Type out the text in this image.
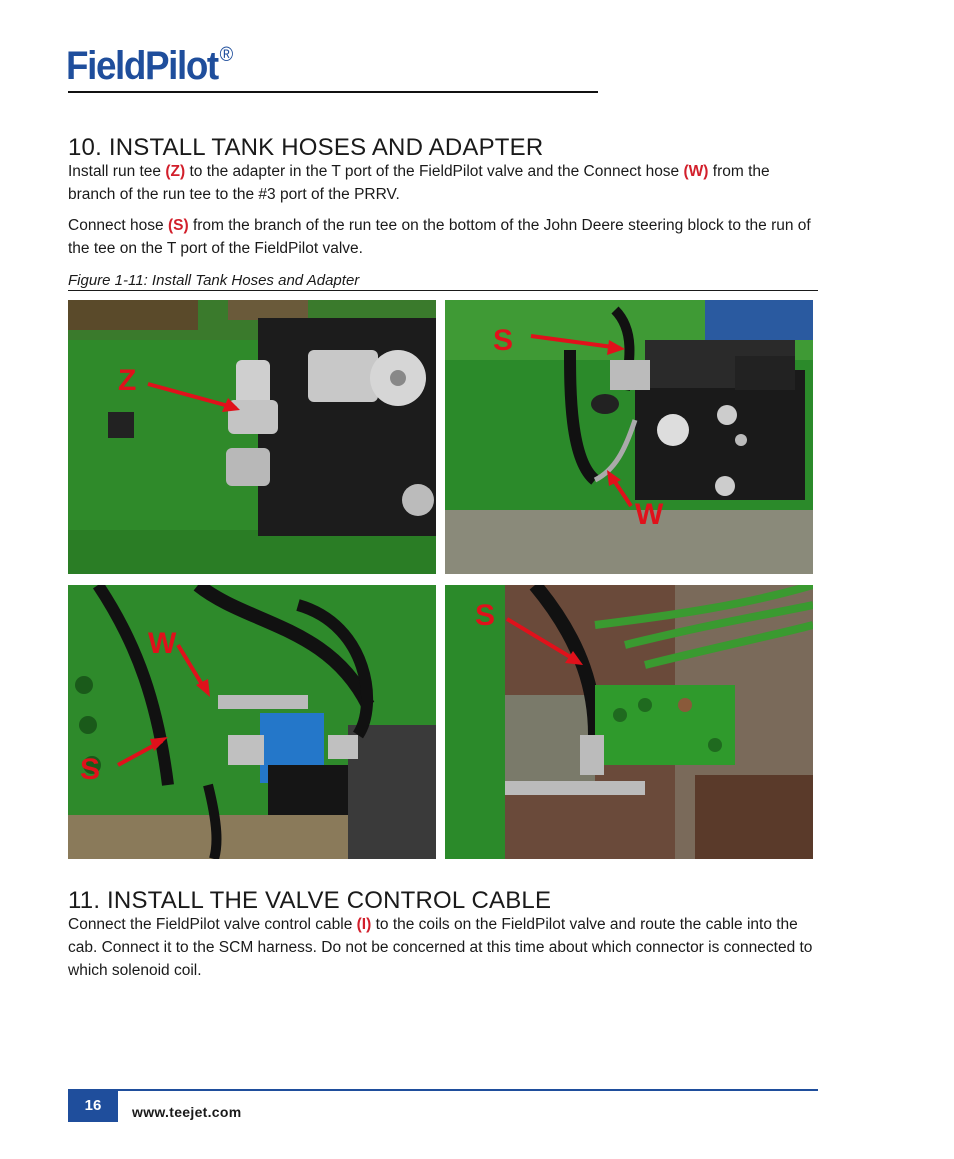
FieldPilot®
10. INSTALL TANK HOSES AND ADAPTER

Install run tee (Z) to the adapter in the T port of the FieldPilot valve and the Connect hose (W) from the branch of the run tee to the #3 port of the PRRV.

Connect hose (S) from the branch of the run tee on the bottom of the John Deere steering block to the run of the tee on the T port of the FieldPilot valve.

Figure 1-11: Install Tank Hoses and Adapter
Z
S
W
W
S
S
11. INSTALL THE VALVE CONTROL CABLE

Connect the FieldPilot valve control cable (I) to the coils on the FieldPilot valve and route the cable into the cab. Connect it to the SCM harness. Do not be concerned at this time about which connector is connected to which solenoid coil.

16	www.teejet.com
